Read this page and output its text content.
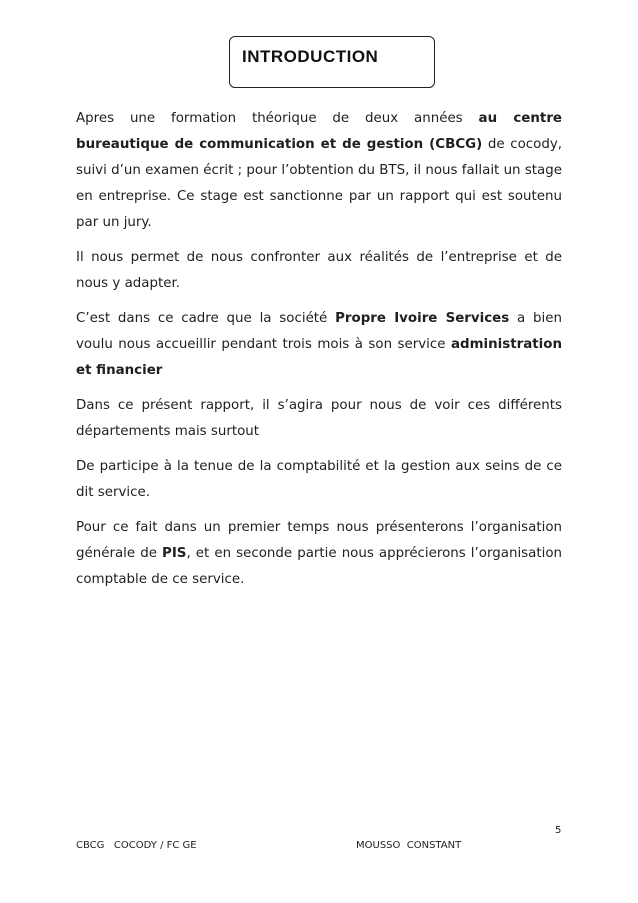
INTRODUCTION

Apres une formation théorique de deux années au centre bureautique de communication et de gestion (CBCG) de cocody, suivi d’un examen écrit ; pour l’obtention du BTS, il nous fallait un stage en entreprise. Ce stage est sanctionne par un rapport qui est soutenu par un jury.

Il nous permet de nous confronter aux réalités de l’entreprise et de nous y adapter.

C’est dans ce cadre que la société Propre Ivoire Services a bien voulu nous accueillir pendant trois mois à son service administration et financier

Dans ce présent rapport, il s’agira pour nous de voir ces différents départements mais surtout

De participe à la tenue de la comptabilité et la gestion aux seins de ce dit service.

Pour ce fait dans un premier temps nous présenterons l’organisation générale de PIS, et en seconde partie nous apprécierons l’organisation comptable de ce service.

5
CBCG   COCODY / FC GE	MOUSSO  CONSTANT
